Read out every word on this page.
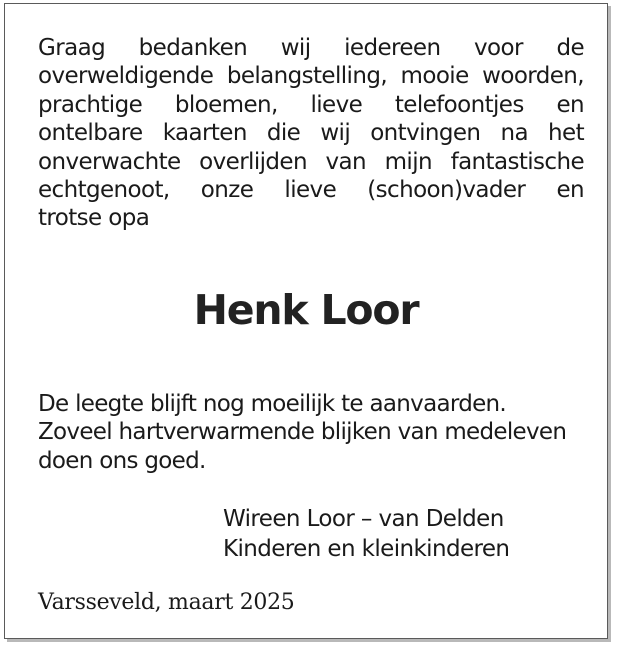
Graag bedanken wij iedereen voor de
overweldigende belangstelling, mooie woorden,
prachtige bloemen, lieve telefoontjes en
ontelbare kaarten die wij ontvingen na het
onverwachte overlijden van mijn fantastische
echtgenoot, onze lieve (schoon)vader en
trotse opa

Henk Loor

De leegte blijft nog moeilijk te aanvaarden.
Zoveel hartverwarmende blijken van medeleven
doen ons goed.

Wireen Loor – van Delden
Kinderen en kleinkinderen

Varsseveld, maart 2025
